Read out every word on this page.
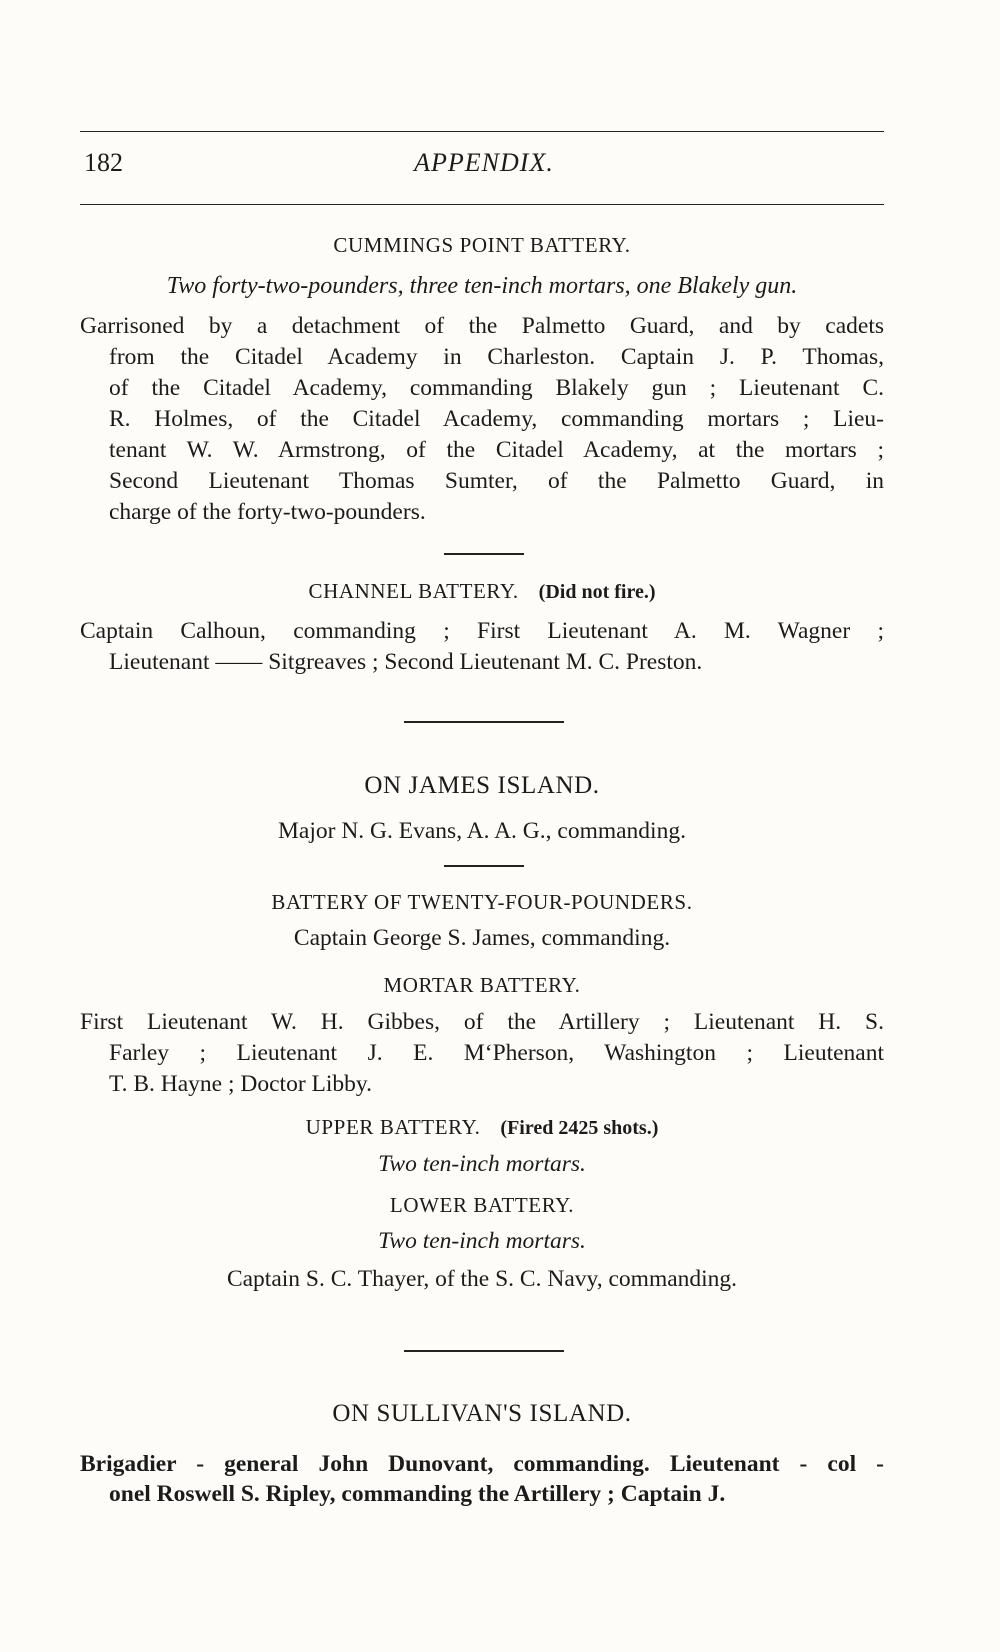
182	APPENDIX.
CUMMINGS POINT BATTERY.
Two forty-two-pounders, three ten-inch mortars, one Blakely gun.
Garrisoned by a detachment of the Palmetto Guard, and by cadets
from the Citadel Academy in Charleston. Captain J. P. Thomas,
of the Citadel Academy, commanding Blakely gun ; Lieutenant C.
R. Holmes, of the Citadel Academy, commanding mortars ; Lieu-
tenant W. W. Armstrong, of the Citadel Academy, at the mortars ;
Second Lieutenant Thomas Sumter, of the Palmetto Guard, in
charge of the forty-two-pounders.
CHANNEL BATTERY. (Did not fire.)
Captain Calhoun, commanding ; First Lieutenant A. M. Wagner ;
Lieutenant —— Sitgreaves ; Second Lieutenant M. C. Preston.
ON JAMES ISLAND.
Major N. G. Evans, A. A. G., commanding.
BATTERY OF TWENTY-FOUR-POUNDERS.
Captain George S. James, commanding.
MORTAR BATTERY.
First Lieutenant W. H. Gibbes, of the Artillery ; Lieutenant H. S.
Farley ; Lieutenant J. E. M‘Pherson, Washington ; Lieutenant
T. B. Hayne ; Doctor Libby.
UPPER BATTERY. (Fired 2425 shots.)
Two ten-inch mortars.
LOWER BATTERY.
Two ten-inch mortars.
Captain S. C. Thayer, of the S. C. Navy, commanding.
ON SULLIVAN'S ISLAND.
Brigadier - general John Dunovant, commanding. Lieutenant - col -
onel Roswell S. Ripley, commanding the Artillery ; Captain J.
